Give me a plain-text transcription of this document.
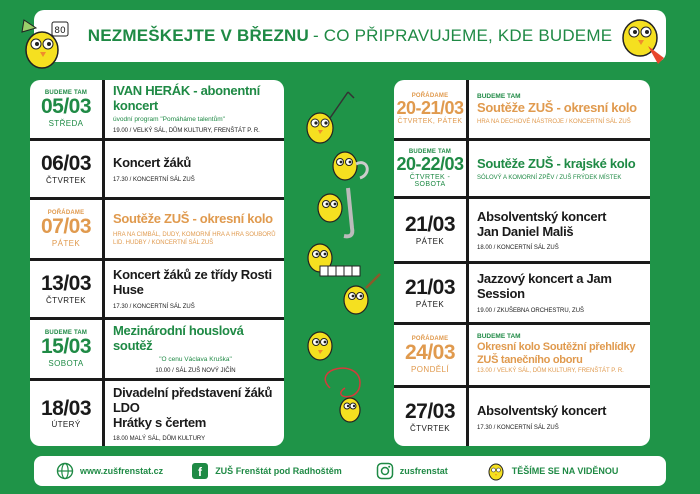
NEZMEŠKEJTE V BŘEZNU - CO PŘIPRAVUJEME, KDE BUDEME
80
BUDEME TAM
05/03
STŘEDA
IVAN HERÁK - abonentní koncert
úvodní program "Pomáháme talentům"
19.00 / VELKÝ SÁL, DŮM KULTURY, FRENŠTÁT P. R.
06/03
ČTVRTEK
Koncert žáků
17.30 / KONCERTNÍ SÁL ZUŠ
POŘÁDAME
07/03
PÁTEK
Soutěže ZUŠ - okresní kolo
HRA NA CIMBÁL, DUDY, KOMORNÍ HRA A HRA SOUBORŮ LID. HUDBY / KONCERTNÍ SÁL ZUŠ
13/03
ČTVRTEK
Koncert žáků ze třídy Rosti Huse
17.30 / KONCERTNÍ SÁL ZUŠ
BUDEME TAM
15/03
SOBOTA
Mezinárodní houslová soutěž
"O cenu Václava Kruška"
10.00 / SÁL ZUŠ NOVÝ JIČÍN
18/03
ÚTERÝ
Divadelní představení žáků LDO
Hrátky s čertem
18.00 MALÝ SÁL, DŮM KULTURY
POŘÁDAME
20-21/03
ČTVRTEK, PÁTEK
BUDEME TAM
Soutěže ZUŠ - okresní kolo
HRA NA DECHOVÉ NÁSTROJE / KONCERTNÍ SÁL ZUŠ
BUDEME TAM
20-22/03
ČTVRTEK - SOBOTA
Soutěže ZUŠ - krajské kolo
SÓLOVÝ A KOMORNÍ ZPĚV / ZUŠ FRÝDEK MÍSTEK
21/03
PÁTEK
Absolventský koncert
Jan Daniel Mališ
18.00 / KONCERTNÍ SÁL ZUŠ
21/03
PÁTEK
Jazzový koncert a Jam Session
19.00 / ZKUŠEBNA ORCHESTRU, ZUŠ
POŘÁDAME
24/03
PONDĚLÍ
BUDEME TAM
Okresní kolo Soutěžní přehlídky ZUŠ tanečního oboru
13.00 / VELKÝ SÁL, DŮM KULTURY, FRENŠTÁT P. R.
27/03
ČTVRTEK
Absolventský koncert
17.30 / KONCERTNÍ SÁL ZUŠ
www.zušfrenstat.cz	f ZUŠ Frenštát pod Radhoštěm	zusfrenstat	TĚŠÍME SE NA VIDĚNOU
